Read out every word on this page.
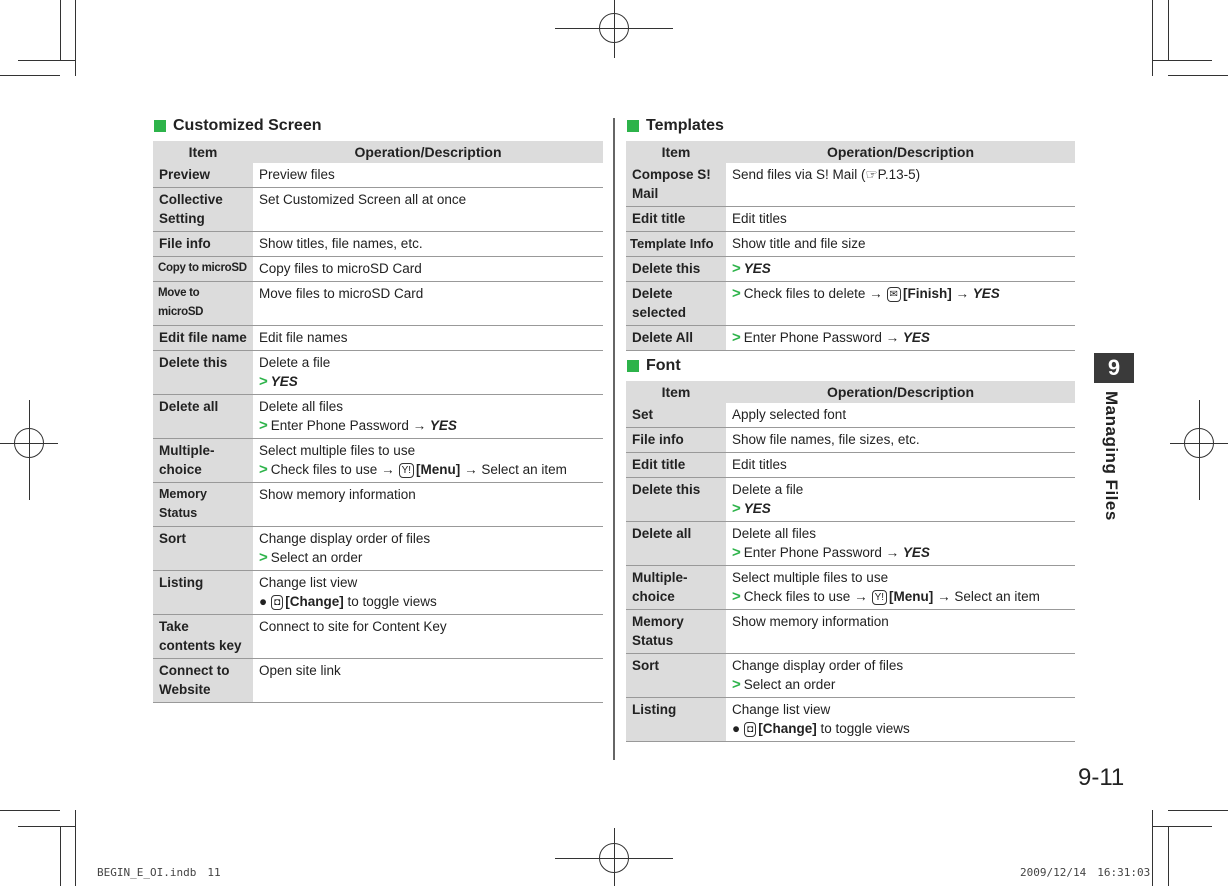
Customized Screen
Item	Operation/Description
Preview	Preview files
Collective Setting	Set Customized Screen all at once
File info	Show titles, file names, etc.
Copy to microSD	Copy files to microSD Card
Move to microSD	Move files to microSD Card
Edit file name	Edit file names
Delete this	Delete a file
> YES

Delete all	Delete all files
> Enter Phone Password → YES

Multiple-choice	Select multiple files to use
> Check files to use → Y! [Menu] → Select an item

Memory Status	Show memory information
Sort	Change display order of files
> Select an order

Listing	Change list view
● ◘ [Change] to toggle views

Take contents key	Connect to site for Content Key
Connect to Website	Open site link
Templates
Item	Operation/Description
Compose S! Mail	Send files via S! Mail (☞P.13-5)
Edit title	Edit titles
Template Info	Show title and file size
Delete this	> YES
Delete selected	> Check files to delete → ✉ [Finish] → YES
Delete All	> Enter Phone Password → YES
Font
Item	Operation/Description
Set	Apply selected font
File info	Show file names, file sizes, etc.
Edit title	Edit titles
Delete this	Delete a file
> YES

Delete all	Delete all files
> Enter Phone Password → YES

Multiple-choice	Select multiple files to use
> Check files to use → Y! [Menu] → Select an item

Memory Status	Show memory information
Sort	Change display order of files
> Select an order

Listing	Change list view
● ◘ [Change] to toggle views
9
Managing Files
9-11
BEGIN_E_OI.indb　11	2009/12/14　16:31:03
